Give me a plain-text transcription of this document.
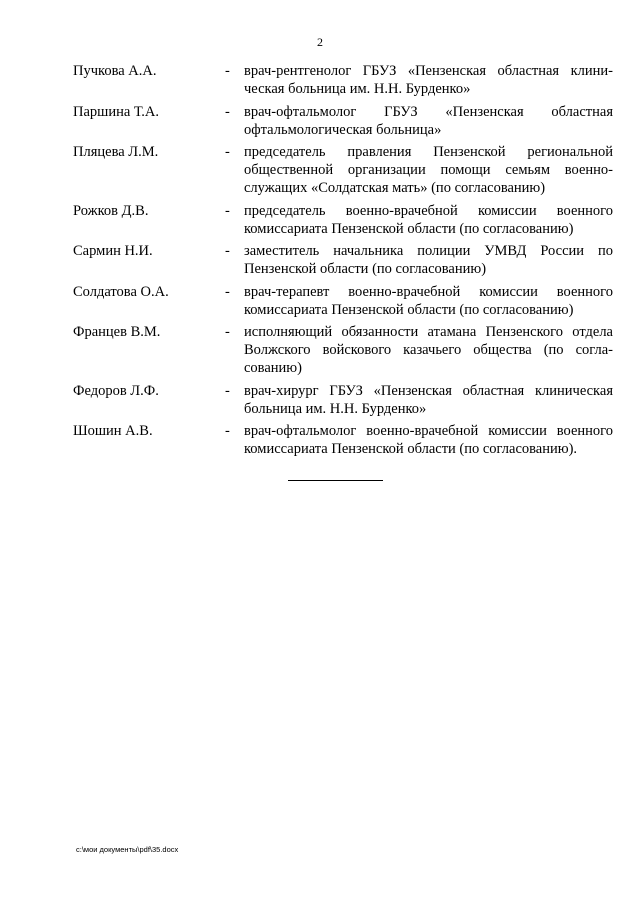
2
Пучкова А.А.	- врач-рентгенолог ГБУЗ «Пензенская областная клиническая больница им. Н.Н. Бурденко»
Паршина Т.А.	- врач-офтальмолог ГБУЗ «Пензенская областная офтальмологическая больница»
Пляцева Л.М.	- председатель правления Пензенской региональной общественной организации помощи семьям военнослужащих «Солдатская мать» (по согласованию)
Рожков Д.В.	- председатель военно-врачебной комиссии военного комиссариата Пензенской области (по согласованию)
Сармин Н.И.	- заместитель начальника полиции УМВД России по Пензенской области (по согласованию)
Солдатова О.А.	- врач-терапевт военно-врачебной комиссии военного комиссариата Пензенской области (по согласованию)
Францев В.М.	- исполняющий обязанности атамана Пензенского отдела Волжского войскового казачьего общества (по согласованию)
Федоров Л.Ф.	- врач-хирург ГБУЗ «Пензенская областная клиническая больница им. Н.Н. Бурденко»
Шошин А.В.	- врач-офтальмолог военно-врачебной комиссии военного комиссариата Пензенской области (по согласованию).
c:\мои документы\pdf\35.docx
